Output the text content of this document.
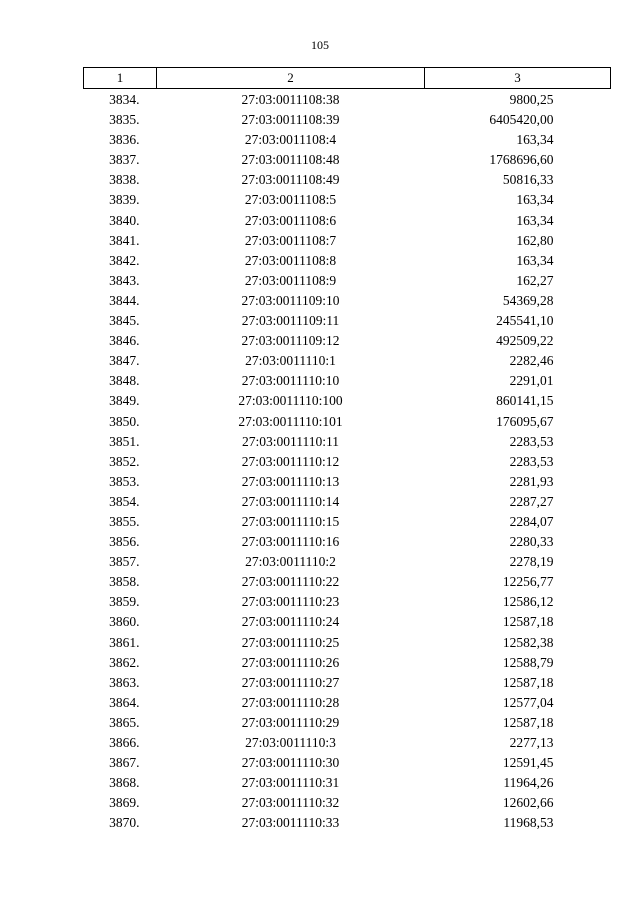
105
1	2	3
3834.	27:03:0011108:38	9800,25
3835.	27:03:0011108:39	6405420,00
3836.	27:03:0011108:4	163,34
3837.	27:03:0011108:48	1768696,60
3838.	27:03:0011108:49	50816,33
3839.	27:03:0011108:5	163,34
3840.	27:03:0011108:6	163,34
3841.	27:03:0011108:7	162,80
3842.	27:03:0011108:8	163,34
3843.	27:03:0011108:9	162,27
3844.	27:03:0011109:10	54369,28
3845.	27:03:0011109:11	245541,10
3846.	27:03:0011109:12	492509,22
3847.	27:03:0011110:1	2282,46
3848.	27:03:0011110:10	2291,01
3849.	27:03:0011110:100	860141,15
3850.	27:03:0011110:101	176095,67
3851.	27:03:0011110:11	2283,53
3852.	27:03:0011110:12	2283,53
3853.	27:03:0011110:13	2281,93
3854.	27:03:0011110:14	2287,27
3855.	27:03:0011110:15	2284,07
3856.	27:03:0011110:16	2280,33
3857.	27:03:0011110:2	2278,19
3858.	27:03:0011110:22	12256,77
3859.	27:03:0011110:23	12586,12
3860.	27:03:0011110:24	12587,18
3861.	27:03:0011110:25	12582,38
3862.	27:03:0011110:26	12588,79
3863.	27:03:0011110:27	12587,18
3864.	27:03:0011110:28	12577,04
3865.	27:03:0011110:29	12587,18
3866.	27:03:0011110:3	2277,13
3867.	27:03:0011110:30	12591,45
3868.	27:03:0011110:31	11964,26
3869.	27:03:0011110:32	12602,66
3870.	27:03:0011110:33	11968,53
